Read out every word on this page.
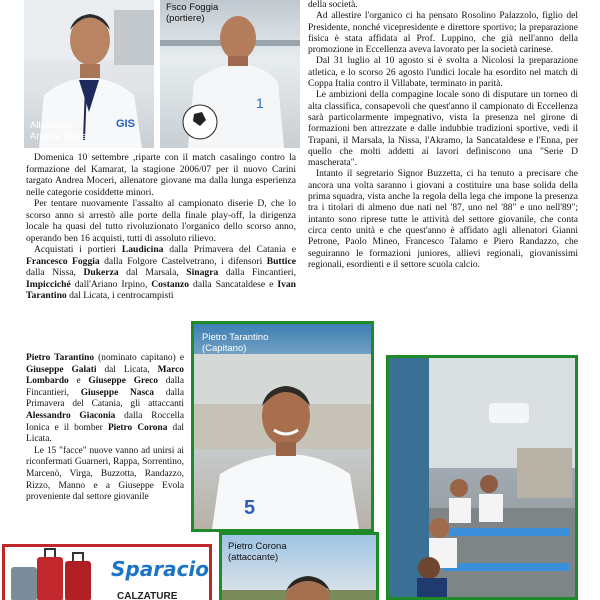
GIS
Allenatore
Andrea Moceri
1
Fsco Foggia
(portiere)

Domenica 10 settembre ,riparte con il match casalingo contro la formazione del Kamarat, la stagione 2006/07 per il nuovo Carini targato Andrea Moceri, allenatore giovane ma dalla lunga esperienza nelle categorie cosiddette minori.

Per tentare nuovamente l'assalto al campionato diserie D, che lo scorso anno si arrestò alle porte della finale play-off, la dirigenza locale ha quasi del tutto rivoluzionato l'organico dello scorso anno, operando ben 16 acquisti, tutti di assoluto rilievo.

Acquistati i portieri Laudicina dalla Primavera del Catania e Francesco Foggia dalla Folgore Castelvetrano, i difensori Buttice dalla Nissa, Dukerza dal Marsala, Sinagra dalla Fincantieri, Impicciché dall'Ariano Irpino, Costanzo dalla Sancataldese e Ivan Tarantino dal Licata, i centrocampisti

Pietro Tarantino (nominato capitano) e Giuseppe Galati dal Licata, Marco Lombardo e Giuseppe Greco dalla Fincantieri, Giuseppe Nasca dalla Primavera del Catania, gli attaccanti Alessandro Giaconia dalla Roccella Ionica e il bomber Pietro Corona dal Licata.

Le 15 "facce" nuove vanno ad unirsi ai riconfermati Guarneri, Rappa, Sorrentino, Marcenò, Virga, Buzzotta, Randazzo, Rizzo, Manno e a Giuseppe Evola proveniente dal settore giovanile	5
Pietro Tarantino
(Capitano)

della società.

Ad allestire l'organico ci ha pensato Rosolino Palazzolo, figlio del Presidente, nonché vicepresidente e direttore sportivo; la preparazione fisica è stata affidata al Prof. Luppino, che già nell'anno della promozione in Eccellenza aveva lavorato per la società carinese.

Dal 31 luglio al 10 agosto si è svolta a Nicolosi la preparazione atletica, e lo scorso 26 agosto l'undici locale ha esordito nel match di Coppa Italia contro il Villabate, terminato in parità.

Le ambizioni della compagine locale sono di disputare un torneo di alta classifica, consapevoli che quest'anno il campionato di Eccellenza sarà particolarmente impegnativo, vista la presenza nel girone di formazioni ben attrezzate e dalle indubbie tradizioni sportive, vedi il Trapani, il Marsala, la Nissa, l'Akramo, la Sancataldese e l'Enna, per quello che molti addetti ai lavori definiscono una "Serie D mascherata".

Intanto il segretario Signor Buzzetta, ci ha tenuto a precisare che ancora una volta saranno i giovani a costituire una base solida della prima squadra, vista anche la regola della lega che impone la presenza tra i titolari di almeno due nati nel '87, uno nel '88" e uno nell'89"; intanto sono riprese tutte le attività del settore giovanile, che conta circa cento unità e che quest'anno è affidato agli allenatori Gianni Petrone, Paolo Mineo, Francesco Talamo e Piero Randazzo, che seguiranno le formazioni juniores, allievi regionali, giovanissimi regionali, esordienti e il settore scuola calcio.

Pietro Corona
(attaccante)
Sparacio
CALZATURE
